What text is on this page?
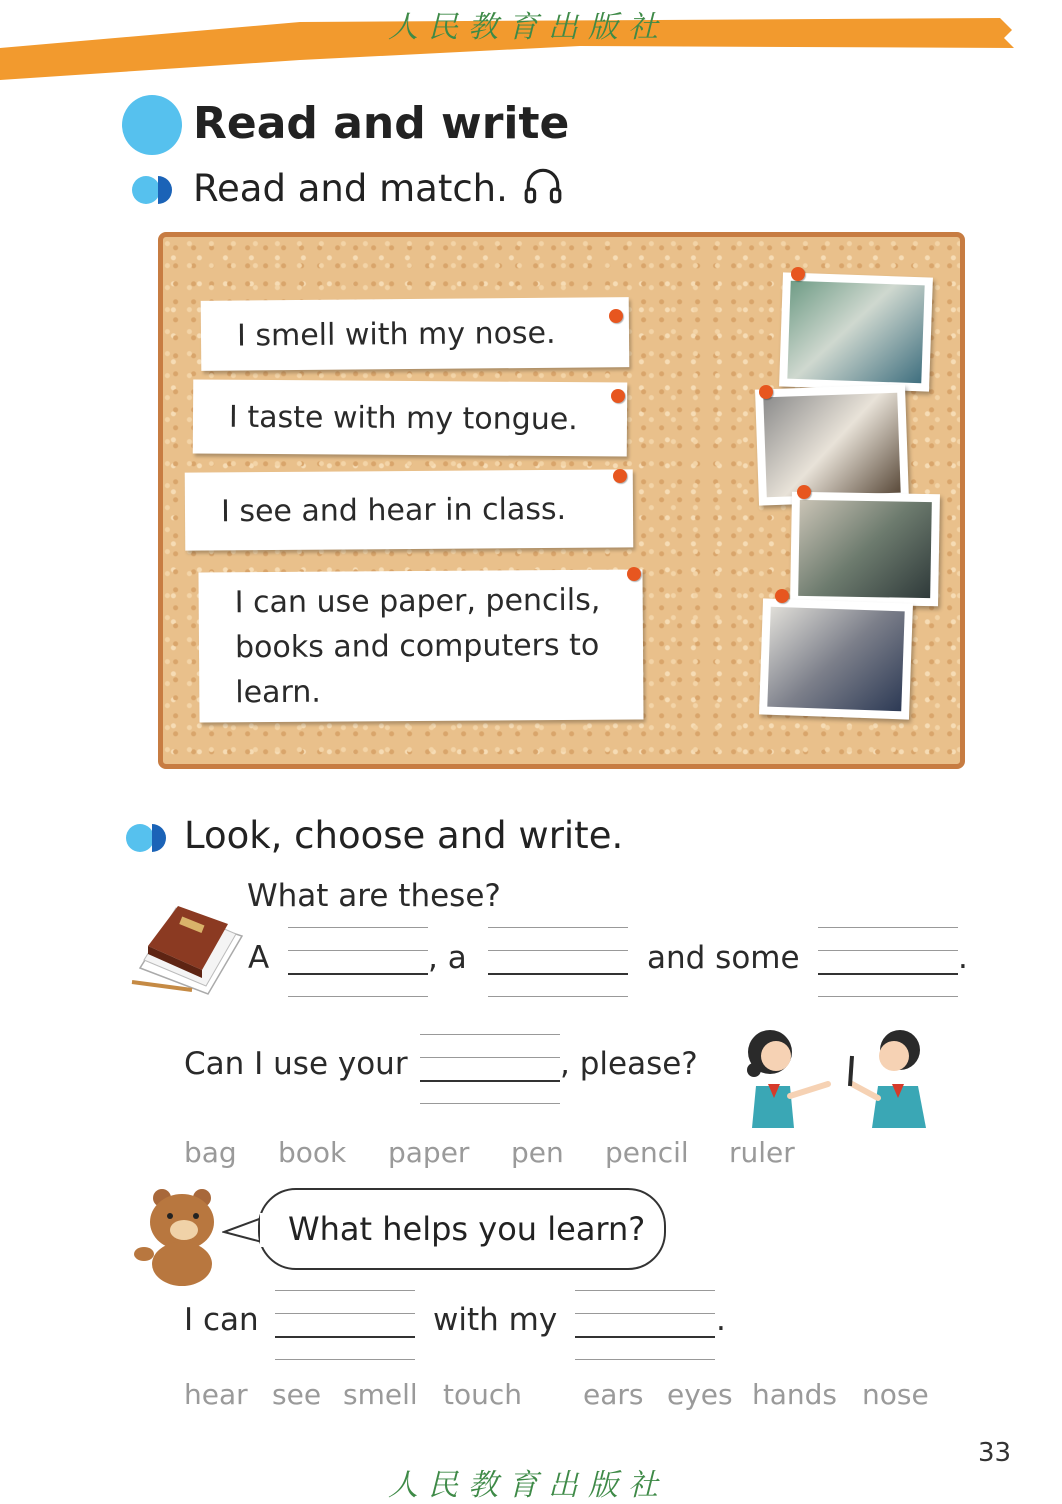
人民教育出版社
Read and write
Read and match.
I smell with my nose.
I taste with my tongue.
I see and hear in class.
I can use paper, pencils, books and computers to learn.
Look, choose and write.
What are these?
A	, a	and some	.
Can I use your	, please?
bag book paper pen pencil ruler
What helps you learn?
I can	with my	.
hear see smell touch ears eyes hands nose
33
人民教育出版社
